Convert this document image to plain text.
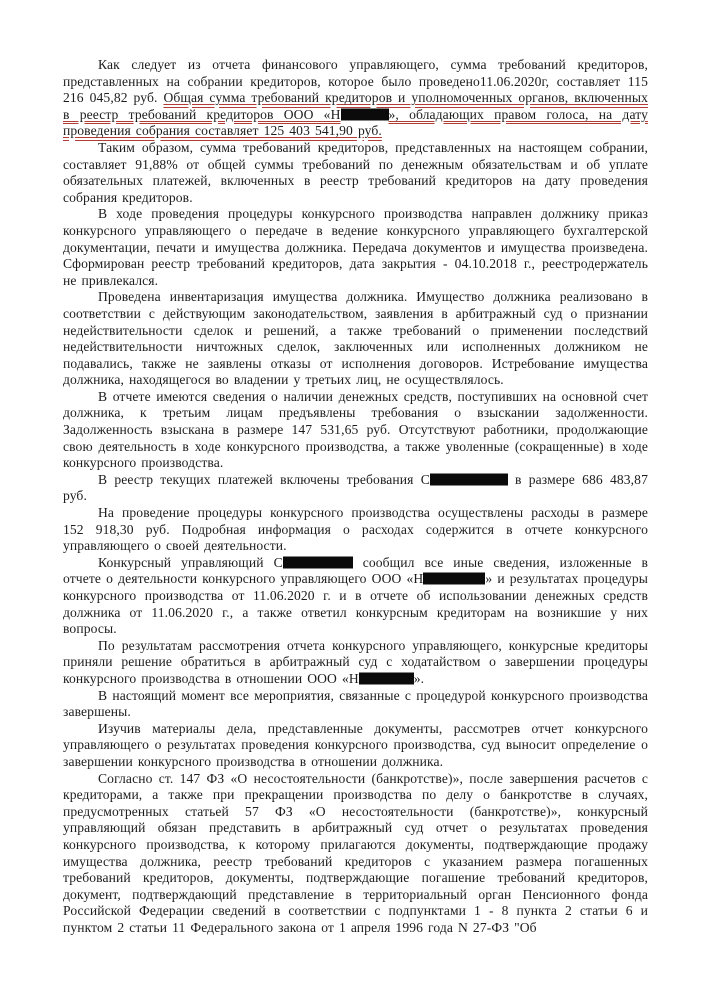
Как следует из отчета финансового управляющего, сумма требований кредиторов, представленных на собрании кредиторов, которое было проведено11.06.2020г, составляет 115 216 045,82 руб. Общая сумма требований кредиторов и уполномоченных органов, включенных в реестр требований кредиторов ООО «Н	», обладающих правом голоса, на дату проведения собрания составляет 125 403 541,90 руб.

Таким образом, сумма требований кредиторов, представленных на настоящем собрании, составляет 91,88% от общей суммы требований по денежным обязательствам и об уплате обязательных платежей, включенных в реестр требований кредиторов на дату проведения собрания кредиторов.

В ходе проведения процедуры конкурсного производства направлен должнику приказ конкурсного управляющего о передаче в ведение конкурсного управляющего бухгалтерской документации, печати и имущества должника. Передача документов и имущества произведена. Сформирован реестр требований кредиторов, дата закрытия - 04.10.2018 г., реестродержатель не привлекался.

Проведена инвентаризация имущества должника. Имущество должника реализовано в соответствии с действующим законодательством, заявления в арбитражный суд о признании недействительности сделок и решений, а также требований о применении последствий недействительности ничтожных сделок, заключенных или исполненных должником не подавались, также не заявлены отказы от исполнения договоров. Истребование имущества должника, находящегося во владении у третьих лиц, не осуществлялось.

В отчете имеются сведения о наличии денежных средств, поступивших на основной счет должника, к третьим лицам предъявлены требования о взыскании задолженности. Задолженность взыскана в размере 147 531,65 руб. Отсутствуют работники, продолжающие свою деятельность в ходе конкурсного производства, а также уволенные (сокращенные) в ходе конкурсного производства.

В реестр текущих платежей включены требования С	в размере 686 483,87 руб.

На проведение процедуры конкурсного производства осуществлены расходы в размере 152 918,30 руб. Подробная информация о расходах содержится в отчете конкурсного управляющего о своей деятельности.

Конкурсный управляющий С	сообщил все иные сведения, изложенные в отчете о деятельности конкурсного управляющего ООО «Н	» и результатах процедуры конкурсного производства от 11.06.2020 г. и в отчете об использовании денежных средств должника от 11.06.2020 г., а также ответил конкурсным кредиторам на возникшие у них вопросы.

По результатам рассмотрения отчета конкурсного управляющего, конкурсные кредиторы приняли решение обратиться в арбитражный суд с ходатайством о завершении процедуры конкурсного производства в отношении ООО «Н	».

В настоящий момент все мероприятия, связанные с процедурой конкурсного производства завершены.

Изучив материалы дела, представленные документы, рассмотрев отчет конкурсного управляющего о результатах проведения конкурсного производства, суд выносит определение о завершении конкурсного производства в отношении должника.

Согласно ст. 147 ФЗ «О несостоятельности (банкротстве)», после завершения расчетов с кредиторами, а также при прекращении производства по делу о банкротстве в случаях, предусмотренных статьей 57 ФЗ «О несостоятельности (банкротстве)», конкурсный управляющий обязан представить в арбитражный суд отчет о результатах проведения конкурсного производства, к которому прилагаются документы, подтверждающие продажу имущества должника, реестр требований кредиторов с указанием размера погашенных требований кредиторов, документы, подтверждающие погашение требований кредиторов, документ, подтверждающий представление в территориальный орган Пенсионного фонда Российской Федерации сведений в соответствии с подпунктами 1 - 8 пункта 2 статьи 6 и пунктом 2 статьи 11 Федерального закона от 1 апреля 1996 года N 27-ФЗ "Об
